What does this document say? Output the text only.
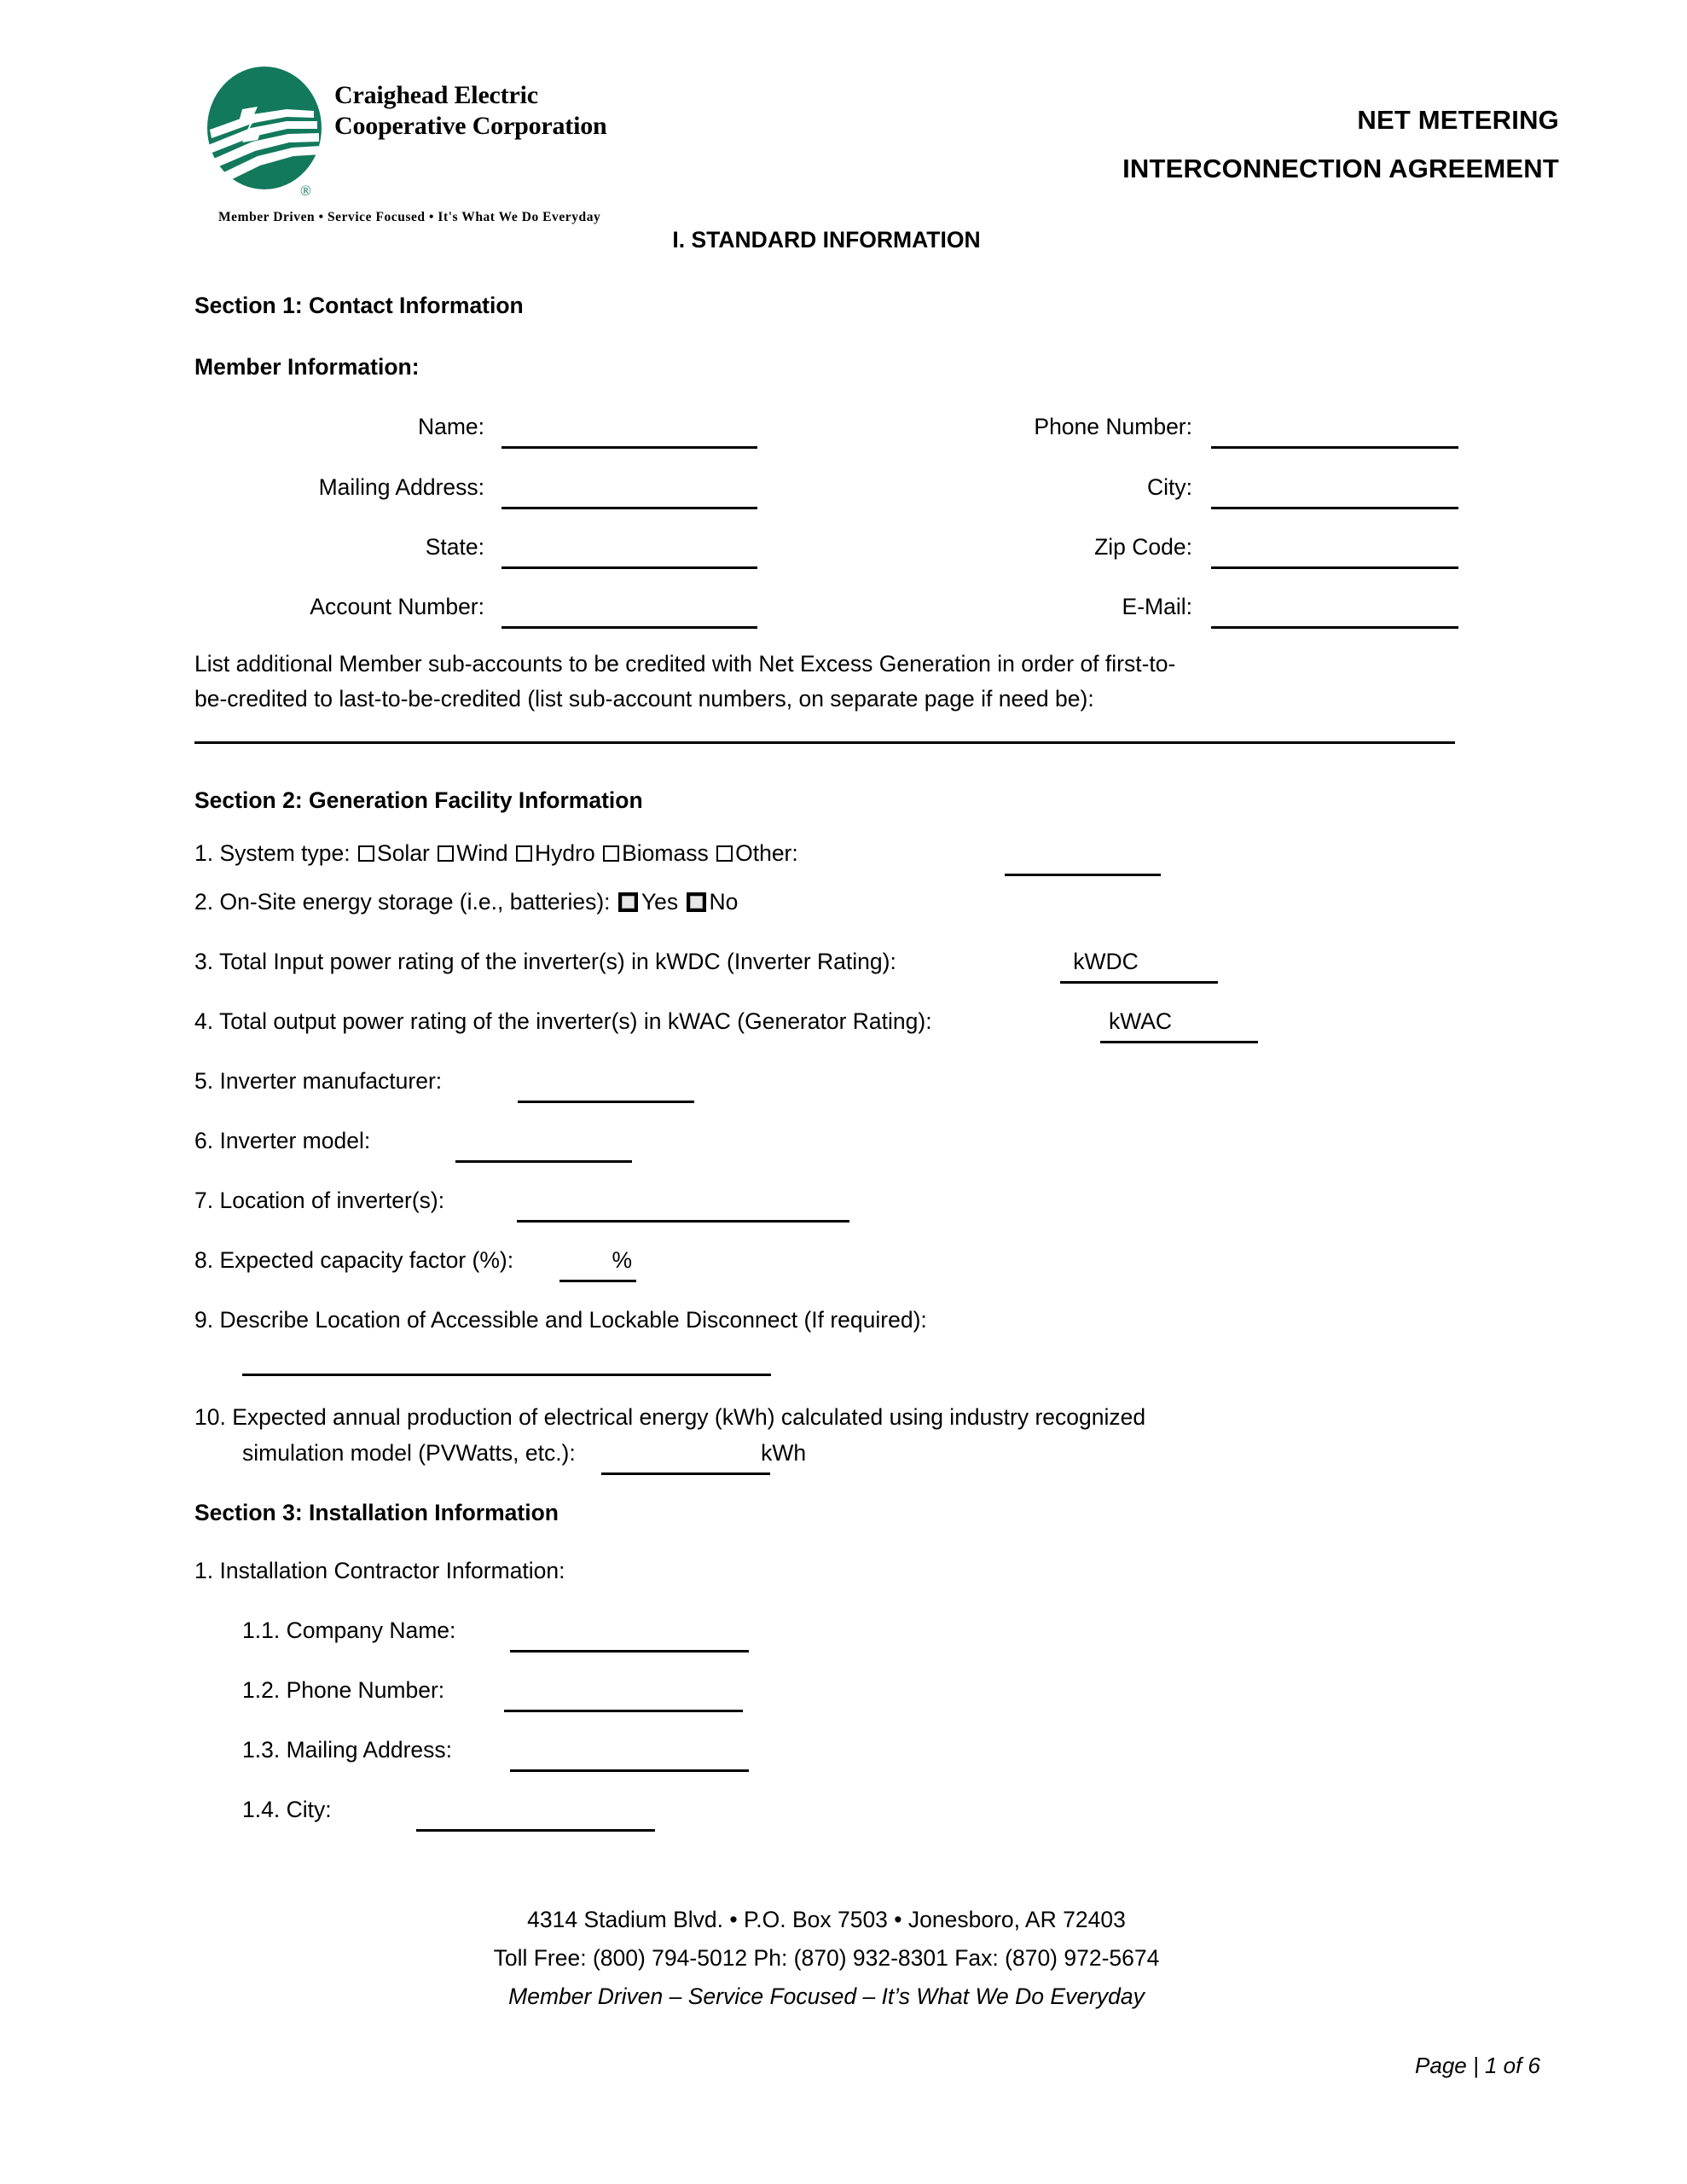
Craighead Electric
Cooperative Corporation
®
Member Driven • Service Focused • It's What We Do Everyday
NET METERING
INTERCONNECTION AGREEMENT
I. STANDARD INFORMATION
Section 1: Contact Information
Member Information:
Name:	Phone Number:
Mailing Address:	City:
State:	Zip Code:
Account Number:	E-Mail:
List additional Member sub-accounts to be credited with Net Excess Generation in order of first-to-
be-credited to last-to-be-credited (list sub-account numbers, on separate page if need be):
Section 2: Generation Facility Information
1. System type: Solar Wind Hydro Biomass Other:
2. On-Site energy storage (i.e., batteries): Yes No
3. Total Input power rating of the inverter(s) in kWDC (Inverter Rating):	kWDC
4. Total output power rating of the inverter(s) in kWAC (Generator Rating):	kWAC
5. Inverter manufacturer:
6. Inverter model:
7. Location of inverter(s):
8. Expected capacity factor (%):	%
9. Describe Location of Accessible and Lockable Disconnect (If required):
10. Expected annual production of electrical energy (kWh) calculated using industry recognized
simulation model (PVWatts, etc.):	kWh
Section 3: Installation Information
1. Installation Contractor Information:
1.1. Company Name:
1.2. Phone Number:
1.3. Mailing Address:
1.4. City:
4314 Stadium Blvd. • P.O. Box 7503 • Jonesboro, AR 72403
Toll Free: (800) 794-5012 Ph: (870) 932-8301 Fax: (870) 972-5674
Member Driven – Service Focused – It’s What We Do Everyday
Page | 1 of 6
